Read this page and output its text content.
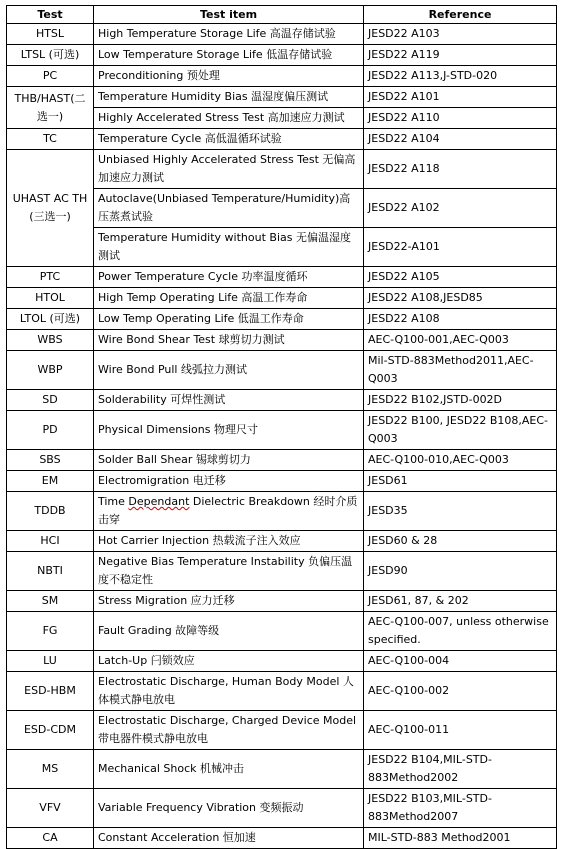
Test	Test item	Reference
HTSL	High Temperature Storage Life 高温存储试验	JESD22 A103
LTSL (可选)	Low Temperature Storage Life 低温存储试验	JESD22 A119
PC	Preconditioning 预处理	JESD22 A113,J-STD-020
THB/HAST(二选一)	Temperature Humidity Bias 温湿度偏压测试	JESD22 A101
	Highly Accelerated Stress Test 高加速应力测试	JESD22 A110
TC	Temperature Cycle 高低温循环试验	JESD22 A104
UHAST AC TH (三选一)	Unbiased Highly Accelerated Stress Test 无偏高加速应力测试	JESD22 A118
	Autoclave(Unbiased Temperature/Humidity)高压蒸煮试验	JESD22 A102
	Temperature Humidity without Bias 无偏温湿度测试	JESD22-A101
PTC	Power Temperature Cycle 功率温度循环	JESD22 A105
HTOL	High Temp Operating Life 高温工作寿命	JESD22 A108,JESD85
LTOL (可选)	Low Temp Operating Life 低温工作寿命	JESD22 A108
WBS	Wire Bond Shear Test 球剪切力测试	AEC-Q100-001,AEC-Q003
WBP	Wire Bond Pull 线弧拉力测试	Mil-STD-883Method2011,AEC-Q003
SD	Solderability 可焊性测试	JESD22 B102,JSTD-002D
PD	Physical Dimensions 物理尺寸	JESD22 B100, JESD22 B108,AEC-Q003
SBS	Solder Ball Shear 锡球剪切力	AEC-Q100-010,AEC-Q003
EM	Electromigration 电迁移	JESD61
TDDB	Time Dependant Dielectric Breakdown 经时介质击穿	JESD35
HCI	Hot Carrier Injection 热载流子注入效应	JESD60 & 28
NBTI	Negative Bias Temperature Instability 负偏压温度不稳定性	JESD90
SM	Stress Migration 应力迁移	JESD61, 87, & 202
FG	Fault Grading 故障等级	AEC-Q100-007, unless otherwise specified.
LU	Latch-Up 闩锁效应	AEC-Q100-004
ESD-HBM	Electrostatic Discharge, Human Body Model 人体模式静电放电	AEC-Q100-002
ESD-CDM	Electrostatic Discharge, Charged Device Model 带电器件模式静电放电	AEC-Q100-011
MS	Mechanical Shock 机械冲击	JESD22 B104,MIL-STD-883Method2002
VFV	Variable Frequency Vibration 变频振动	JESD22 B103,MIL-STD-883Method2007
CA	Constant Acceleration 恒加速	MIL-STD-883 Method2001
